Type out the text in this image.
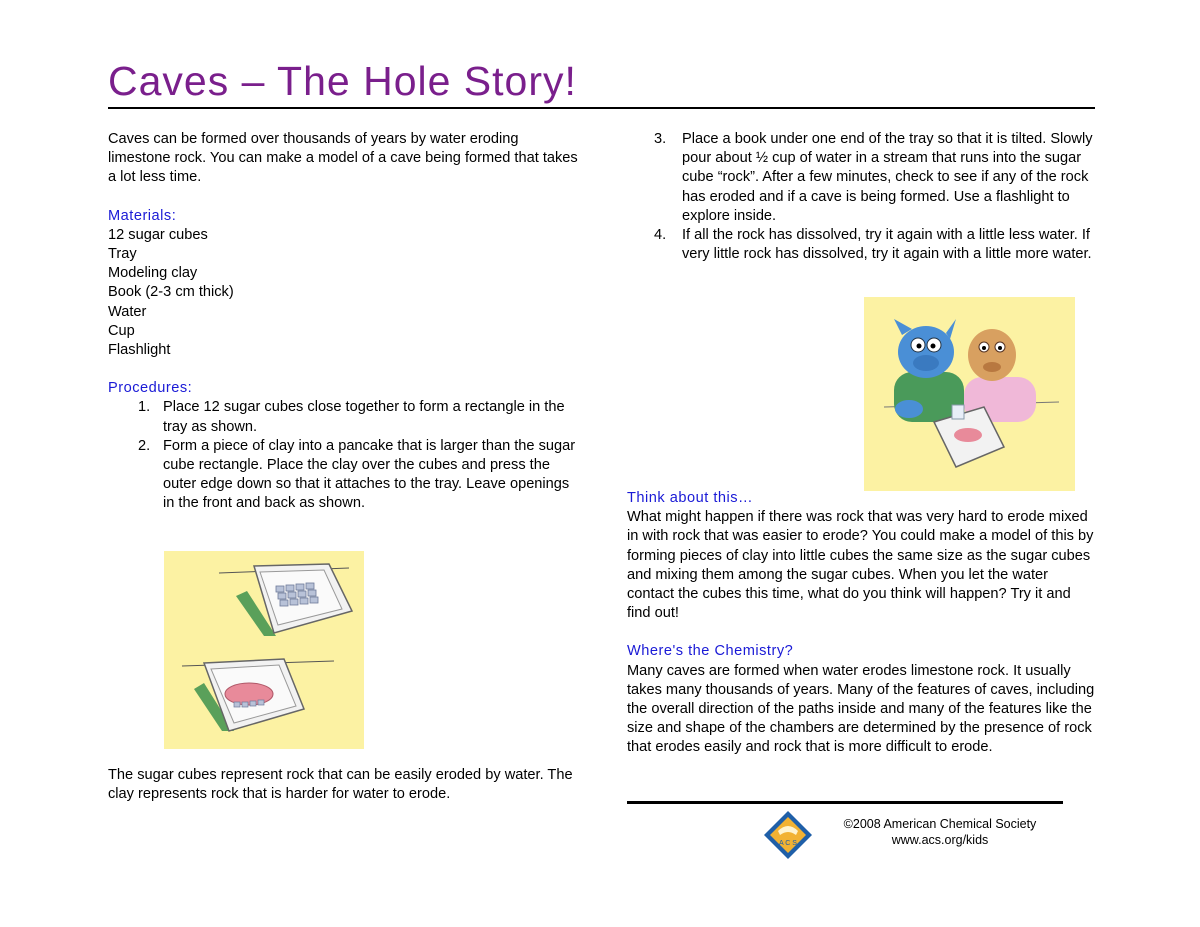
Caves – The Hole Story!

Caves can be formed over thousands of years by water eroding limestone rock. You can make a model of a cave being formed that takes a lot less time.

Materials:

12 sugar cubes

Tray

Modeling clay

Book (2-3 cm thick)

Water

Cup

Flashlight

Procedures:

1. Place 12 sugar cubes close together to form a rectangle in the tray as shown.
2. Form a piece of clay into a pancake that is larger than the sugar cube rectangle. Place the clay over the cubes and press the outer edge down so that it attaches to the tray. Leave openings in the front and back as shown.

The sugar cubes represent rock that can be easily eroded by water. The clay represents rock that is harder for water to erode.

3. Place a book under one end of the tray so that it is tilted. Slowly pour about ½ cup of water in a stream that runs into the sugar cube “rock”. After a few minutes, check to see if any of the rock has eroded and if a cave is being formed. Use a flashlight to explore inside.
4. If all the rock has dissolved, try it again with a little less water. If very little rock has dissolved, try it again with a little more water.

Think about this…

What might happen if there was rock that was very hard to erode mixed in with rock that was easier to erode? You could make a model of this by forming pieces of clay into little cubes the same size as the sugar cubes and mixing them among the sugar cubes. When you let the water contact the cubes this time, what do you think will happen? Try it and find out!

Where's the Chemistry?

Many caves are formed when water erodes limestone rock. It usually takes many thousands of years. Many of the features of caves, including the overall direction of the paths inside and many of the features like the size and shape of the chambers are determined by the presence of rock that erodes easily and rock that is more difficult to erode.

A C S

©2008 American Chemical Society

www.acs.org/kids
